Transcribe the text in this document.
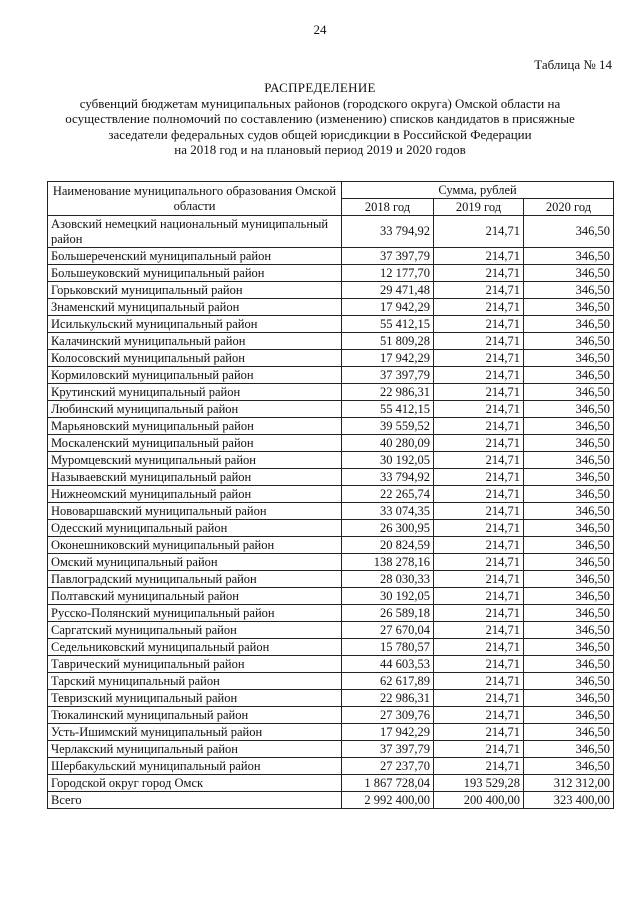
24
Таблица № 14
РАСПРЕДЕЛЕНИЕ
субвенций бюджетам муниципальных районов (городского округа) Омской области на
осуществление полномочий по составлению (изменению) списков кандидатов в присяжные
заседатели федеральных судов общей юрисдикции в Российской Федерации
на 2018 год и на плановый период 2019 и 2020 годов
Наименование муниципального образования Омской области	Сумма, рублей		
	2018 год	2019 год	2020 год
Азовский немецкий национальный муниципальный район	33 794,92	214,71	346,50
Большереченский муниципальный район	37 397,79	214,71	346,50
Большеуковский муниципальный район	12 177,70	214,71	346,50
Горьковский муниципальный район	29 471,48	214,71	346,50
Знаменский муниципальный район	17 942,29	214,71	346,50
Исилькульский муниципальный район	55 412,15	214,71	346,50
Калачинский муниципальный район	51 809,28	214,71	346,50
Колосовский муниципальный район	17 942,29	214,71	346,50
Кормиловский муниципальный район	37 397,79	214,71	346,50
Крутинский муниципальный район	22 986,31	214,71	346,50
Любинский муниципальный район	55 412,15	214,71	346,50
Марьяновский муниципальный район	39 559,52	214,71	346,50
Москаленский муниципальный район	40 280,09	214,71	346,50
Муромцевский муниципальный район	30 192,05	214,71	346,50
Называевский муниципальный район	33 794,92	214,71	346,50
Нижнеомский муниципальный район	22 265,74	214,71	346,50
Нововаршавский муниципальный район	33 074,35	214,71	346,50
Одесский муниципальный район	26 300,95	214,71	346,50
Оконешниковский муниципальный район	20 824,59	214,71	346,50
Омский муниципальный район	138 278,16	214,71	346,50
Павлоградский муниципальный район	28 030,33	214,71	346,50
Полтавский муниципальный район	30 192,05	214,71	346,50
Русско-Полянский муниципальный район	26 589,18	214,71	346,50
Саргатский муниципальный район	27 670,04	214,71	346,50
Седельниковский муниципальный район	15 780,57	214,71	346,50
Таврический муниципальный район	44 603,53	214,71	346,50
Тарский муниципальный район	62 617,89	214,71	346,50
Тевризский муниципальный район	22 986,31	214,71	346,50
Тюкалинский муниципальный район	27 309,76	214,71	346,50
Усть-Ишимский муниципальный район	17 942,29	214,71	346,50
Черлакский муниципальный район	37 397,79	214,71	346,50
Шербакульский муниципальный район	27 237,70	214,71	346,50
Городской округ город Омск	1 867 728,04	193 529,28	312 312,00
Всего	2 992 400,00	200 400,00	323 400,00
